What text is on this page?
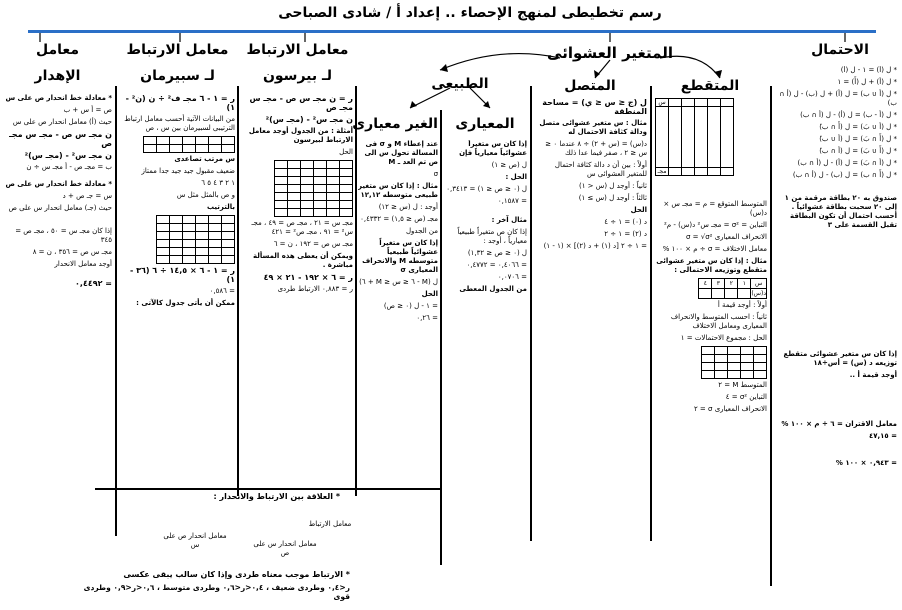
رسم تخطيطى لمنهج الإحصاء .. إعداد أ / شادى الصباحى
الاحتمال
المتغير العشوائى
المتقطع
المتصل
الطبيعى
المعيارى
الغير معيارى
معامل الارتباط
لـ بيرسون
معامل الارتباط
لـ سبيرمان
معامل
الإهدار	* ل (أَ) = ١ - ل (أ)

* ل (أ) + ل (أَ) = ١

* ل (أ ∪ ب) = ل (أ) + ل (ب) - ل (أ ∩ ب)

* ل (أ - ب) = ل (أ) - ل (أ ∩ ب)

* ل (أ ∪ بَ) = ل (أَ ∩ ب)َ

* ل (أَ ∩ بَ) = ل (أ ∪ ب)َ

* ل (أَ ∪ بَ) = ل (أ ∩ ب)َ

* ل (أ ∩ بَ) = ل (أ) - ل (أ ∩ ب)

* ل (أَ ∩ ب) = ل (ب) - ل (أ ∩ ب)

صندوق به ٢٠ بطاقة مرقمة من ١ إلى ٢٠ سحبت بطاقة عشوائياً . أحسب احتمال أن تكون البطاقة تقبل القسمة على ٣

س					

مجـ					

المتوسط المتوقع = م = مجـ س × د(س)

التباين = σ² = مجـ س² د(س) - م²

الانحراف المعيارى σ = √σ²

معامل الاختلاف = σ ÷ م × ١٠٠ %

مثال : إذا كان س متغير عشوائى متقطع وتوزيعه الاحتمالى :

س	١	٢	٣	٤
د(س)				

أولاً : أوجد قيمة أ

ثانياً : احسب المتوسط والانحراف المعيارى ومعامل الاختلاف

الحل : مجموع الاحتمالات = ١

المتوسط M = ٢

التباين σ² = ٤

الانحراف المعيارى σ = ٢

إذا كان س متغير عشوائى متقطع توزيعه د (س) = أس÷١٨

أوجد قيمة أ ..

معامل الاقتران = ٦ ÷ م × ١٠٠ %

= ٤٧,١٥

= ٠,٩٤٣ × ١٠٠ %

ل (ج ≤ س ≤ ي) = مساحة المنطقة

مثال : س متغير عشوائى متصل ودالة كثافة الاحتمال له

د(س) = (س + ٢) ÷ ٨ عندما ٠ ≤ س ≤ ٢ ، صفر فيما عدا ذلك

أولاً : بين أن د دالة كثافة احتمال للمتغير العشوائى س

ثانياً : أوجد ل (س < ١)

ثالثاً : أوجد ل (س ≥ ١)

الحل

د (٠) = ١ ÷ ٤

د (٢) = ١ ÷ ٢

= ١ ÷ ٢ [د (١) + د (٢)] × (١ - ١)

إذا كان س متغيراً عشوائياً معيارياً فإن

ل (ص ≤ ١)

الحل :

ل (٠ ≤ ص ≤ ١) = ٠,٣٤١٣

= ٠,١٥٨٧

مثال آخر :

إذا كان ص متغيراً طبيعياً معيارياً ، أوجد :

ل (٠ ≤ ص ≤ ١,٣٢)

= ٠,٤٠٦٦ = ٠,٤٧٧٢

= ٠,٠٧٠٦

من الجدول المعطى

عند إعطاء M و σ فى المسالة نحول س الى ص تم العد ـ M

σ

مثال : إذا كان س متغير طبيعى متوسطه ١٢,١٢

أوجد : ل (س ≤ ١٢)

مجـ (ص ≤ ١,٥) = ٠,٤٣٣٢

من الجدول

إذا كان س متغيراً عشوائياً طبيعياً متوسطه M والانحراف المعيارى σ

ل (M - ٦ ≤ س ≤ M + ٦)

الحل

= ١ - ل (٠ ≤ ص)

= ٠,٢٦

ر = ن مجـ س ص - مجـ س مجـ ص

ن مجـ س² - (مجـ س)²

أمثلة : من الجدول أوجد معامل الارتباط لبيرسون

الحل

مجـ س = ٢١ ، مجـ ص = ٤٩ ، مجـ س² = ٩١ ، مجـ ص² = ٤٢١

مجـ س ص = ١٩٢ ، ن = ٦

ويمكن أن يعطى هذه المسألة مباشرة .

ر = ٦ × ١٩٢ - ٢١ × ٤٩

ر = ٠,٨٨٣ الارتباط طردى

ر = ١ - ٦ مجـ ف² ÷ ن (ن² - ١)

من البيانات الآتية أحسب معامل ارتباط الترتيبى لسبيرمان بين س ، ص

س مرتب تصاعدى

ضعيف مقبول جيد جيد جدا ممتاز

١ ٢ ٣ ٤ ٥ ٦

و ص بالمثل مثل س

بالترتيب

ر = ١ - ٦ × ١٤,٥ ÷ ٦ (٣٦ - ١)

= ٠,٥٨٦

ممكن أن يأتى جدول كالآتى :

* معادلة خط انحدار ص على س

ص = أ س + ب

حيث (أ) معامل انحدار ص على س

ن مجـ س ص - مجـ س مجـ ص

ن مجـ س² - (مجـ س)²

ب = مجـ ص - أ مجـ س ÷ ن

* معادلة خط انحدار س على ص

س = جـ ص + د

حيث (جـ) معامل انحدار س على ص

إذا كان مجـ س = ٥٠ ، مجـ ص = ٣٤٥

مجـ س ص = ٣٥٦ ، ن = ٨

أوجد معامل الانحدار

= ٠,٤٤٩٢

* العلاقة بين الارتباط والانحدار :
معامل الارتباط
معامل انحدار ص على س	معامل انحدار س على ص
* الارتباط موجب معناه طردى وإذا كان سالب يبقى عكسى
ر<٠,٤ وطردى ضعيف ، ٠,٤<ر<٠,٦ وطردى متوسط ، ٠,٦<ر<٠,٩ وطردى قوى
